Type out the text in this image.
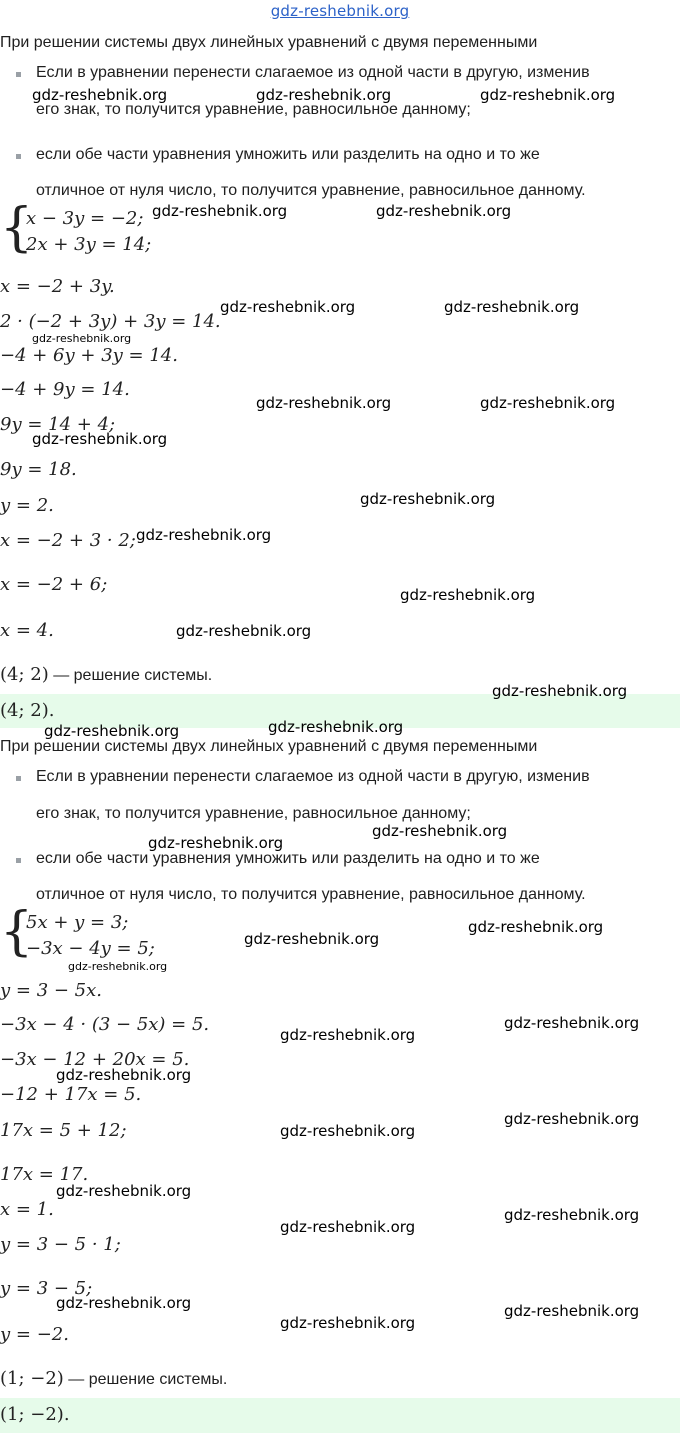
gdz-reshebnik.org
При решении системы двух линейных уравнений с двумя переменными
Если в уравнении перенести слагаемое из одной части в другую, изменив
его знак, то получится уравнение, равносильное данному;
если обе части уравнения умножить или разделить на одно и то же
отличное от нуля число, то получится уравнение, равносильное данному.
{
x − 3y = −2;
2x + 3y = 14;
x = −2 + 3y.
2 · (−2 + 3y) + 3y = 14.
−4 + 6y + 3y = 14.
−4 + 9y = 14.
9y = 14 + 4;
9y = 18.
y = 2.
x = −2 + 3 · 2;
x = −2 + 6;
x = 4.
(4; 2) — решение системы.
(4; 2).
При решении системы двух линейных уравнений с двумя переменными
Если в уравнении перенести слагаемое из одной части в другую, изменив
его знак, то получится уравнение, равносильное данному;
если обе части уравнения умножить или разделить на одно и то же
отличное от нуля число, то получится уравнение, равносильное данному.
{
5x + y = 3;
−3x − 4y = 5;
y = 3 − 5x.
−3x − 4 · (3 − 5x) = 5.
−3x − 12 + 20x = 5.
−12 + 17x = 5.
17x = 5 + 12;
17x = 17.
x = 1.
y = 3 − 5 · 1;
y = 3 − 5;
y = −2.
(1; −2) — решение системы.
(1; −2).
gdz-reshebnik.org	gdz-reshebnik.org	gdz-reshebnik.org
gdz-reshebnik.org	gdz-reshebnik.org
gdz-reshebnik.org	gdz-reshebnik.org
gdz-reshebnik.org
gdz-reshebnik.org	gdz-reshebnik.org
gdz-reshebnik.org
gdz-reshebnik.org
gdz-reshebnik.org
gdz-reshebnik.org
gdz-reshebnik.org
gdz-reshebnik.org
gdz-reshebnik.org	gdz-reshebnik.org
gdz-reshebnik.org
gdz-reshebnik.org
gdz-reshebnik.org
gdz-reshebnik.org
gdz-reshebnik.org
gdz-reshebnik.org
gdz-reshebnik.org
gdz-reshebnik.org
gdz-reshebnik.org
gdz-reshebnik.org
gdz-reshebnik.org
gdz-reshebnik.org
gdz-reshebnik.org
gdz-reshebnik.org	gdz-reshebnik.org
gdz-reshebnik.org
